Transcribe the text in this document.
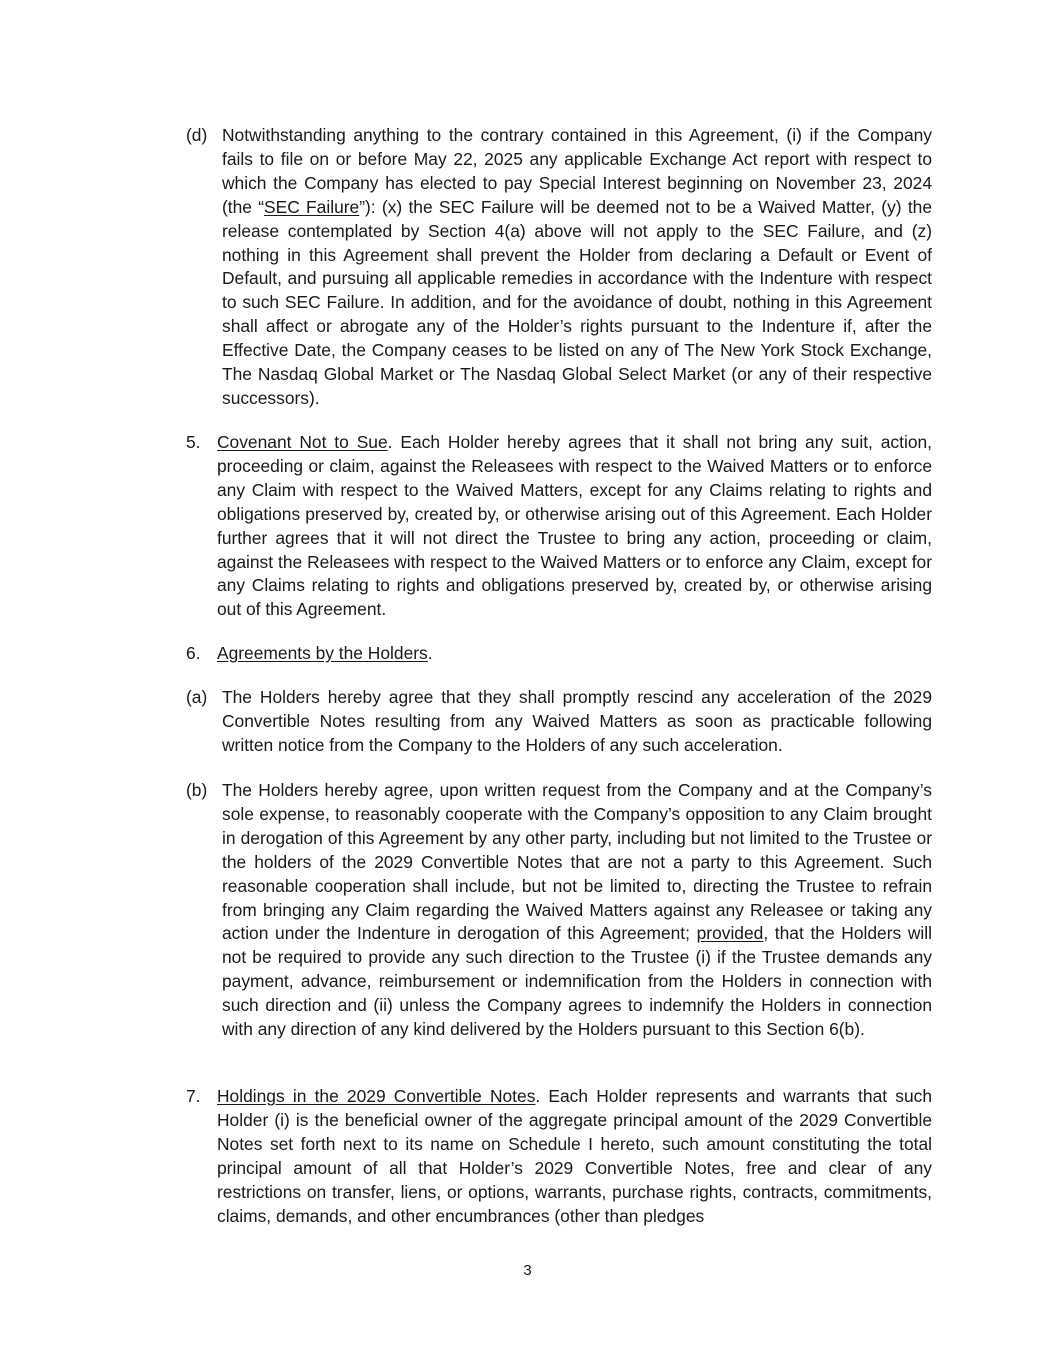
(d) Notwithstanding anything to the contrary contained in this Agreement, (i) if the Company fails to file on or before May 22, 2025 any applicable Exchange Act report with respect to which the Company has elected to pay Special Interest beginning on November 23, 2024 (the “SEC Failure”): (x) the SEC Failure will be deemed not to be a Waived Matter, (y) the release contemplated by Section 4(a) above will not apply to the SEC Failure, and (z) nothing in this Agreement shall prevent the Holder from declaring a Default or Event of Default, and pursuing all applicable remedies in accordance with the Indenture with respect to such SEC Failure. In addition, and for the avoidance of doubt, nothing in this Agreement shall affect or abrogate any of the Holder’s rights pursuant to the Indenture if, after the Effective Date, the Company ceases to be listed on any of The New York Stock Exchange, The Nasdaq Global Market or The Nasdaq Global Select Market (or any of their respective successors).
5. Covenant Not to Sue. Each Holder hereby agrees that it shall not bring any suit, action, proceeding or claim, against the Releasees with respect to the Waived Matters or to enforce any Claim with respect to the Waived Matters, except for any Claims relating to rights and obligations preserved by, created by, or otherwise arising out of this Agreement. Each Holder further agrees that it will not direct the Trustee to bring any action, proceeding or claim, against the Releasees with respect to the Waived Matters or to enforce any Claim, except for any Claims relating to rights and obligations preserved by, created by, or otherwise arising out of this Agreement.
6. Agreements by the Holders.
(a) The Holders hereby agree that they shall promptly rescind any acceleration of the 2029 Convertible Notes resulting from any Waived Matters as soon as practicable following written notice from the Company to the Holders of any such acceleration.
(b) The Holders hereby agree, upon written request from the Company and at the Company’s sole expense, to reasonably cooperate with the Company’s opposition to any Claim brought in derogation of this Agreement by any other party, including but not limited to the Trustee or the holders of the 2029 Convertible Notes that are not a party to this Agreement. Such reasonable cooperation shall include, but not be limited to, directing the Trustee to refrain from bringing any Claim regarding the Waived Matters against any Releasee or taking any action under the Indenture in derogation of this Agreement; provided, that the Holders will not be required to provide any such direction to the Trustee (i) if the Trustee demands any payment, advance, reimbursement or indemnification from the Holders in connection with such direction and (ii) unless the Company agrees to indemnify the Holders in connection with any direction of any kind delivered by the Holders pursuant to this Section 6(b).
7. Holdings in the 2029 Convertible Notes. Each Holder represents and warrants that such Holder (i) is the beneficial owner of the aggregate principal amount of the 2029 Convertible Notes set forth next to its name on Schedule I hereto, such amount constituting the total principal amount of all that Holder’s 2029 Convertible Notes, free and clear of any restrictions on transfer, liens, or options, warrants, purchase rights, contracts, commitments, claims, demands, and other encumbrances (other than pledges
3
